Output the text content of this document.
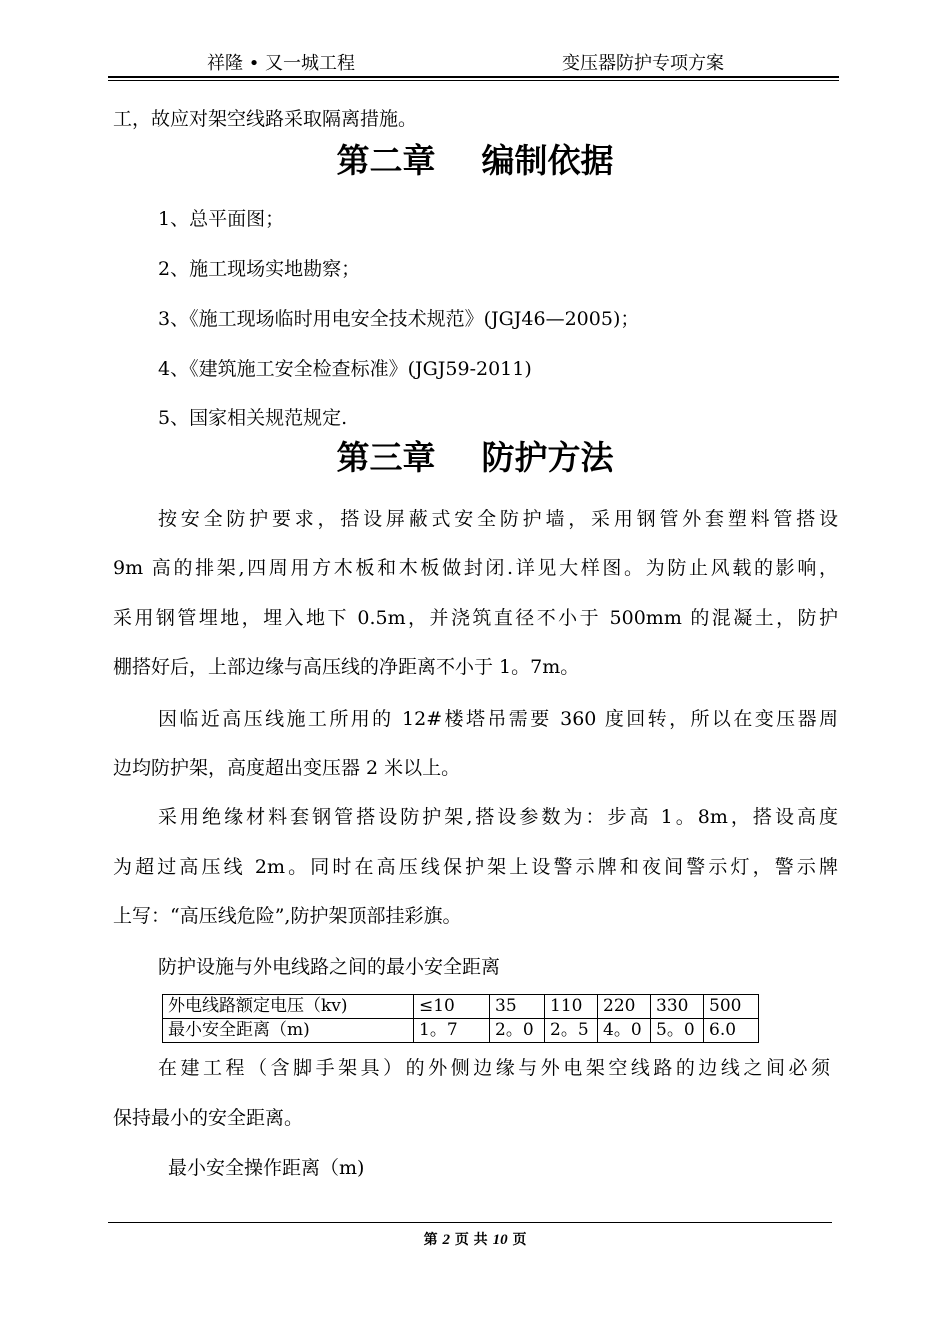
祥隆 • 又一城工程	变压器防护专项方案
工，故应对架空线路采取隔离措施。
第二章    编制依据
1、总平面图；
2、施工现场实地勘察；
3、《施工现场临时用电安全技术规范》(JGJ46—2005)；
4、《建筑施工安全检查标准》(JGJ59-2011)
5、国家相关规范规定.
第三章    防护方法
按安全防护要求，搭设屏蔽式安全防护墙，采用钢管外套塑料管搭设
9m 高的排架,四周用方木板和木板做封闭.详见大样图。为防止风载的影响，
采用钢管埋地，埋入地下 0.5m，并浇筑直径不小于 500mm 的混凝土，防护
棚搭好后，上部边缘与高压线的净距离不小于 1。7m。
因临近高压线施工所用的 12#楼塔吊需要 360 度回转，所以在变压器周
边均防护架，高度超出变压器 2 米以上。
采用绝缘材料套钢管搭设防护架,搭设参数为：步高 1。8m，搭设高度
为超过高压线 2m。同时在高压线保护架上设警示牌和夜间警示灯，警示牌
上写：“高压线危险”,防护架顶部挂彩旗。
防护设施与外电线路之间的最小安全距离
外电线路额定电压（kv)	≤10	35	110	220	330	500
最小安全距离（m)	1。7	2。0	2。5	4。0	5。0	6.0
在建工程（含脚手架具）的外侧边缘与外电架空线路的边线之间必须
保持最小的安全距离。
最小安全操作距离（m)
第 2 页 共 10 页
